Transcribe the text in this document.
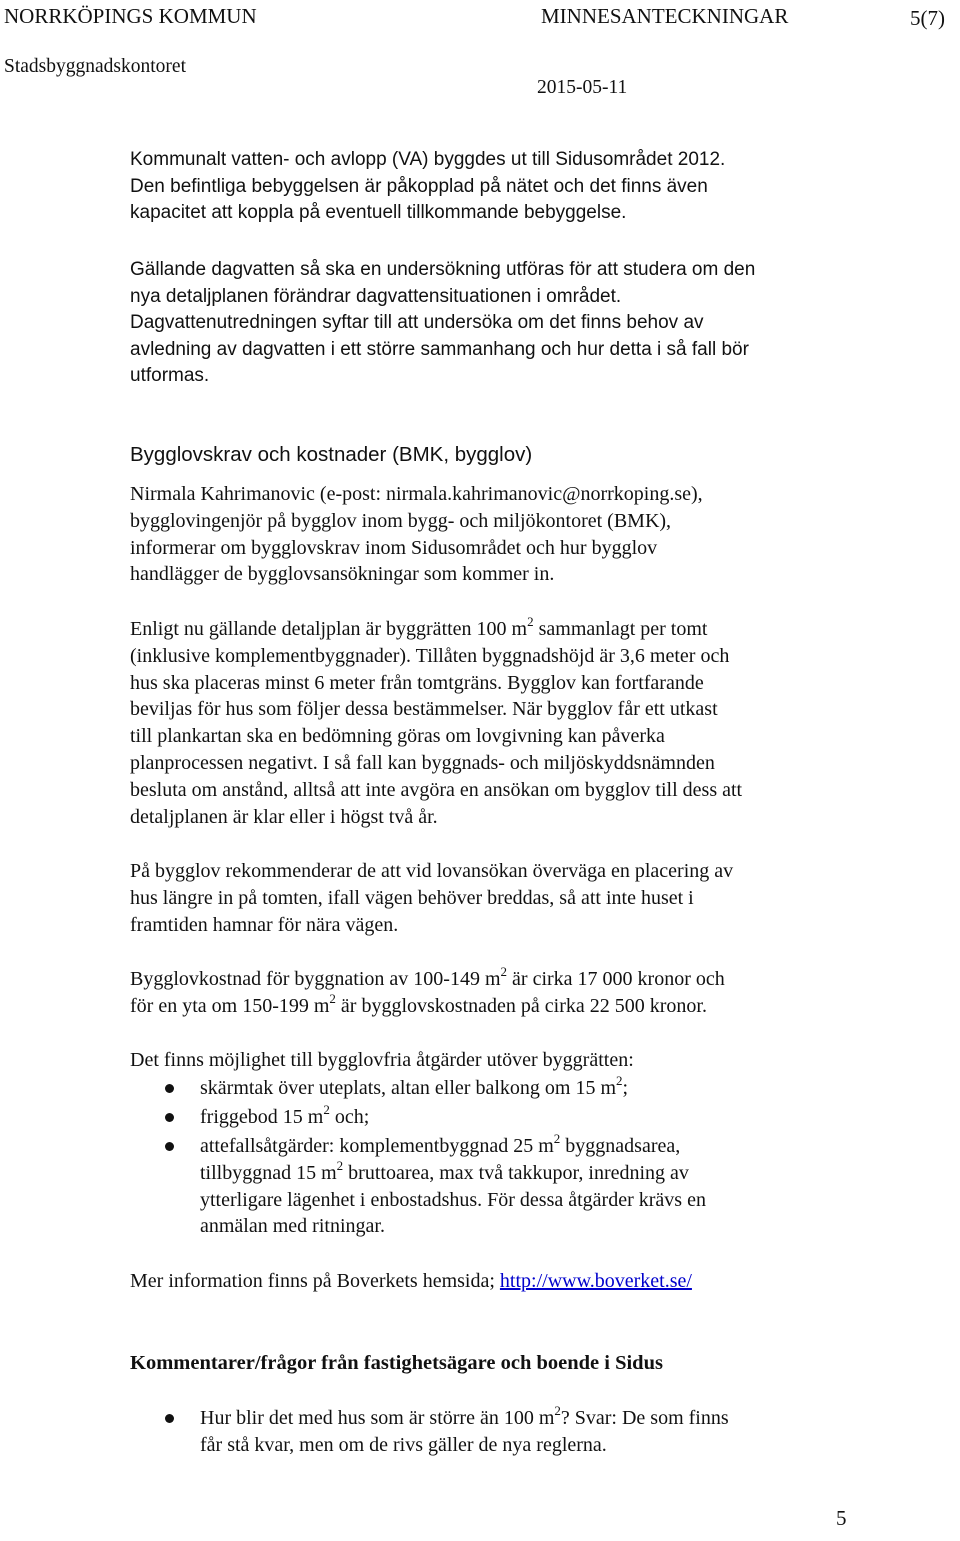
NORRKÖPINGS KOMMUN	MINNESANTECKNINGAR	5(7)
Stadsbyggnadskontoret
2015-05-11
Kommunalt vatten- och avlopp (VA) byggdes ut till Sidusområdet 2012.
Den befintliga bebyggelsen är påkopplad på nätet och det finns även
kapacitet att koppla på eventuell tillkommande bebyggelse.
Gällande dagvatten så ska en undersökning utföras för att studera om den
nya detaljplanen förändrar dagvattensituationen i området.
Dagvattenutredningen syftar till att undersöka om det finns behov av
avledning av dagvatten i ett större sammanhang och hur detta i så fall bör
utformas.
Bygglovskrav och kostnader (BMK, bygglov)
Nirmala Kahrimanovic (e-post: nirmala.kahrimanovic@norrkoping.se),
bygglovingenjör på bygglov inom bygg- och miljökontoret (BMK),
informerar om bygglovskrav inom Sidusområdet och hur bygglov
handlägger de bygglovsansökningar som kommer in.
Enligt nu gällande detaljplan är byggrätten 100 $m^2$ sammanlagt per tomt
(inklusive komplementbyggnader). Tillåten byggnadshöjd är 3,6 meter och
hus ska placeras minst 6 meter från tomtgräns. Bygglov kan fortfarande
beviljas för hus som följer dessa bestämmelser. När bygglov får ett utkast
till plankartan ska en bedömning göras om lovgivning kan påverka
planprocessen negativt. I så fall kan byggnads- och miljöskyddsnämnden
besluta om anstånd, alltså att inte avgöra en ansökan om bygglov till dess att
detaljplanen är klar eller i högst två år.
På bygglov rekommenderar de att vid lovansökan överväga en placering av
hus längre in på tomten, ifall vägen behöver breddas, så att inte huset i
framtiden hamnar för nära vägen.
Bygglovkostnad för byggnation av 100-149 $m^2$ är cirka 17 000 kronor och
för en yta om 150-199 $m^2$ är bygglovskostnaden på cirka 22 500 kronor.
Det finns möjlighet till bygglovfria åtgärder utöver byggrätten:
skärmtak över uteplats, altan eller balkong om 15 $m^2$;
friggebod 15 $m^2$ och;
attefallsåtgärder: komplementbyggnad 25 $m^2$ byggnadsarea,
tillbyggnad 15 $m^2$ bruttoarea, max två takkupor, inredning av
ytterligare lägenhet i enbostadshus. För dessa åtgärder krävs en
anmälan med ritningar.
Mer information finns på Boverkets hemsida; http://www.boverket.se/
Kommentarer/frågor från fastighetsägare och boende i Sidus
Hur blir det med hus som är större än 100 $m^2$? Svar: De som finns
får stå kvar, men om de rivs gäller de nya reglerna.
5
